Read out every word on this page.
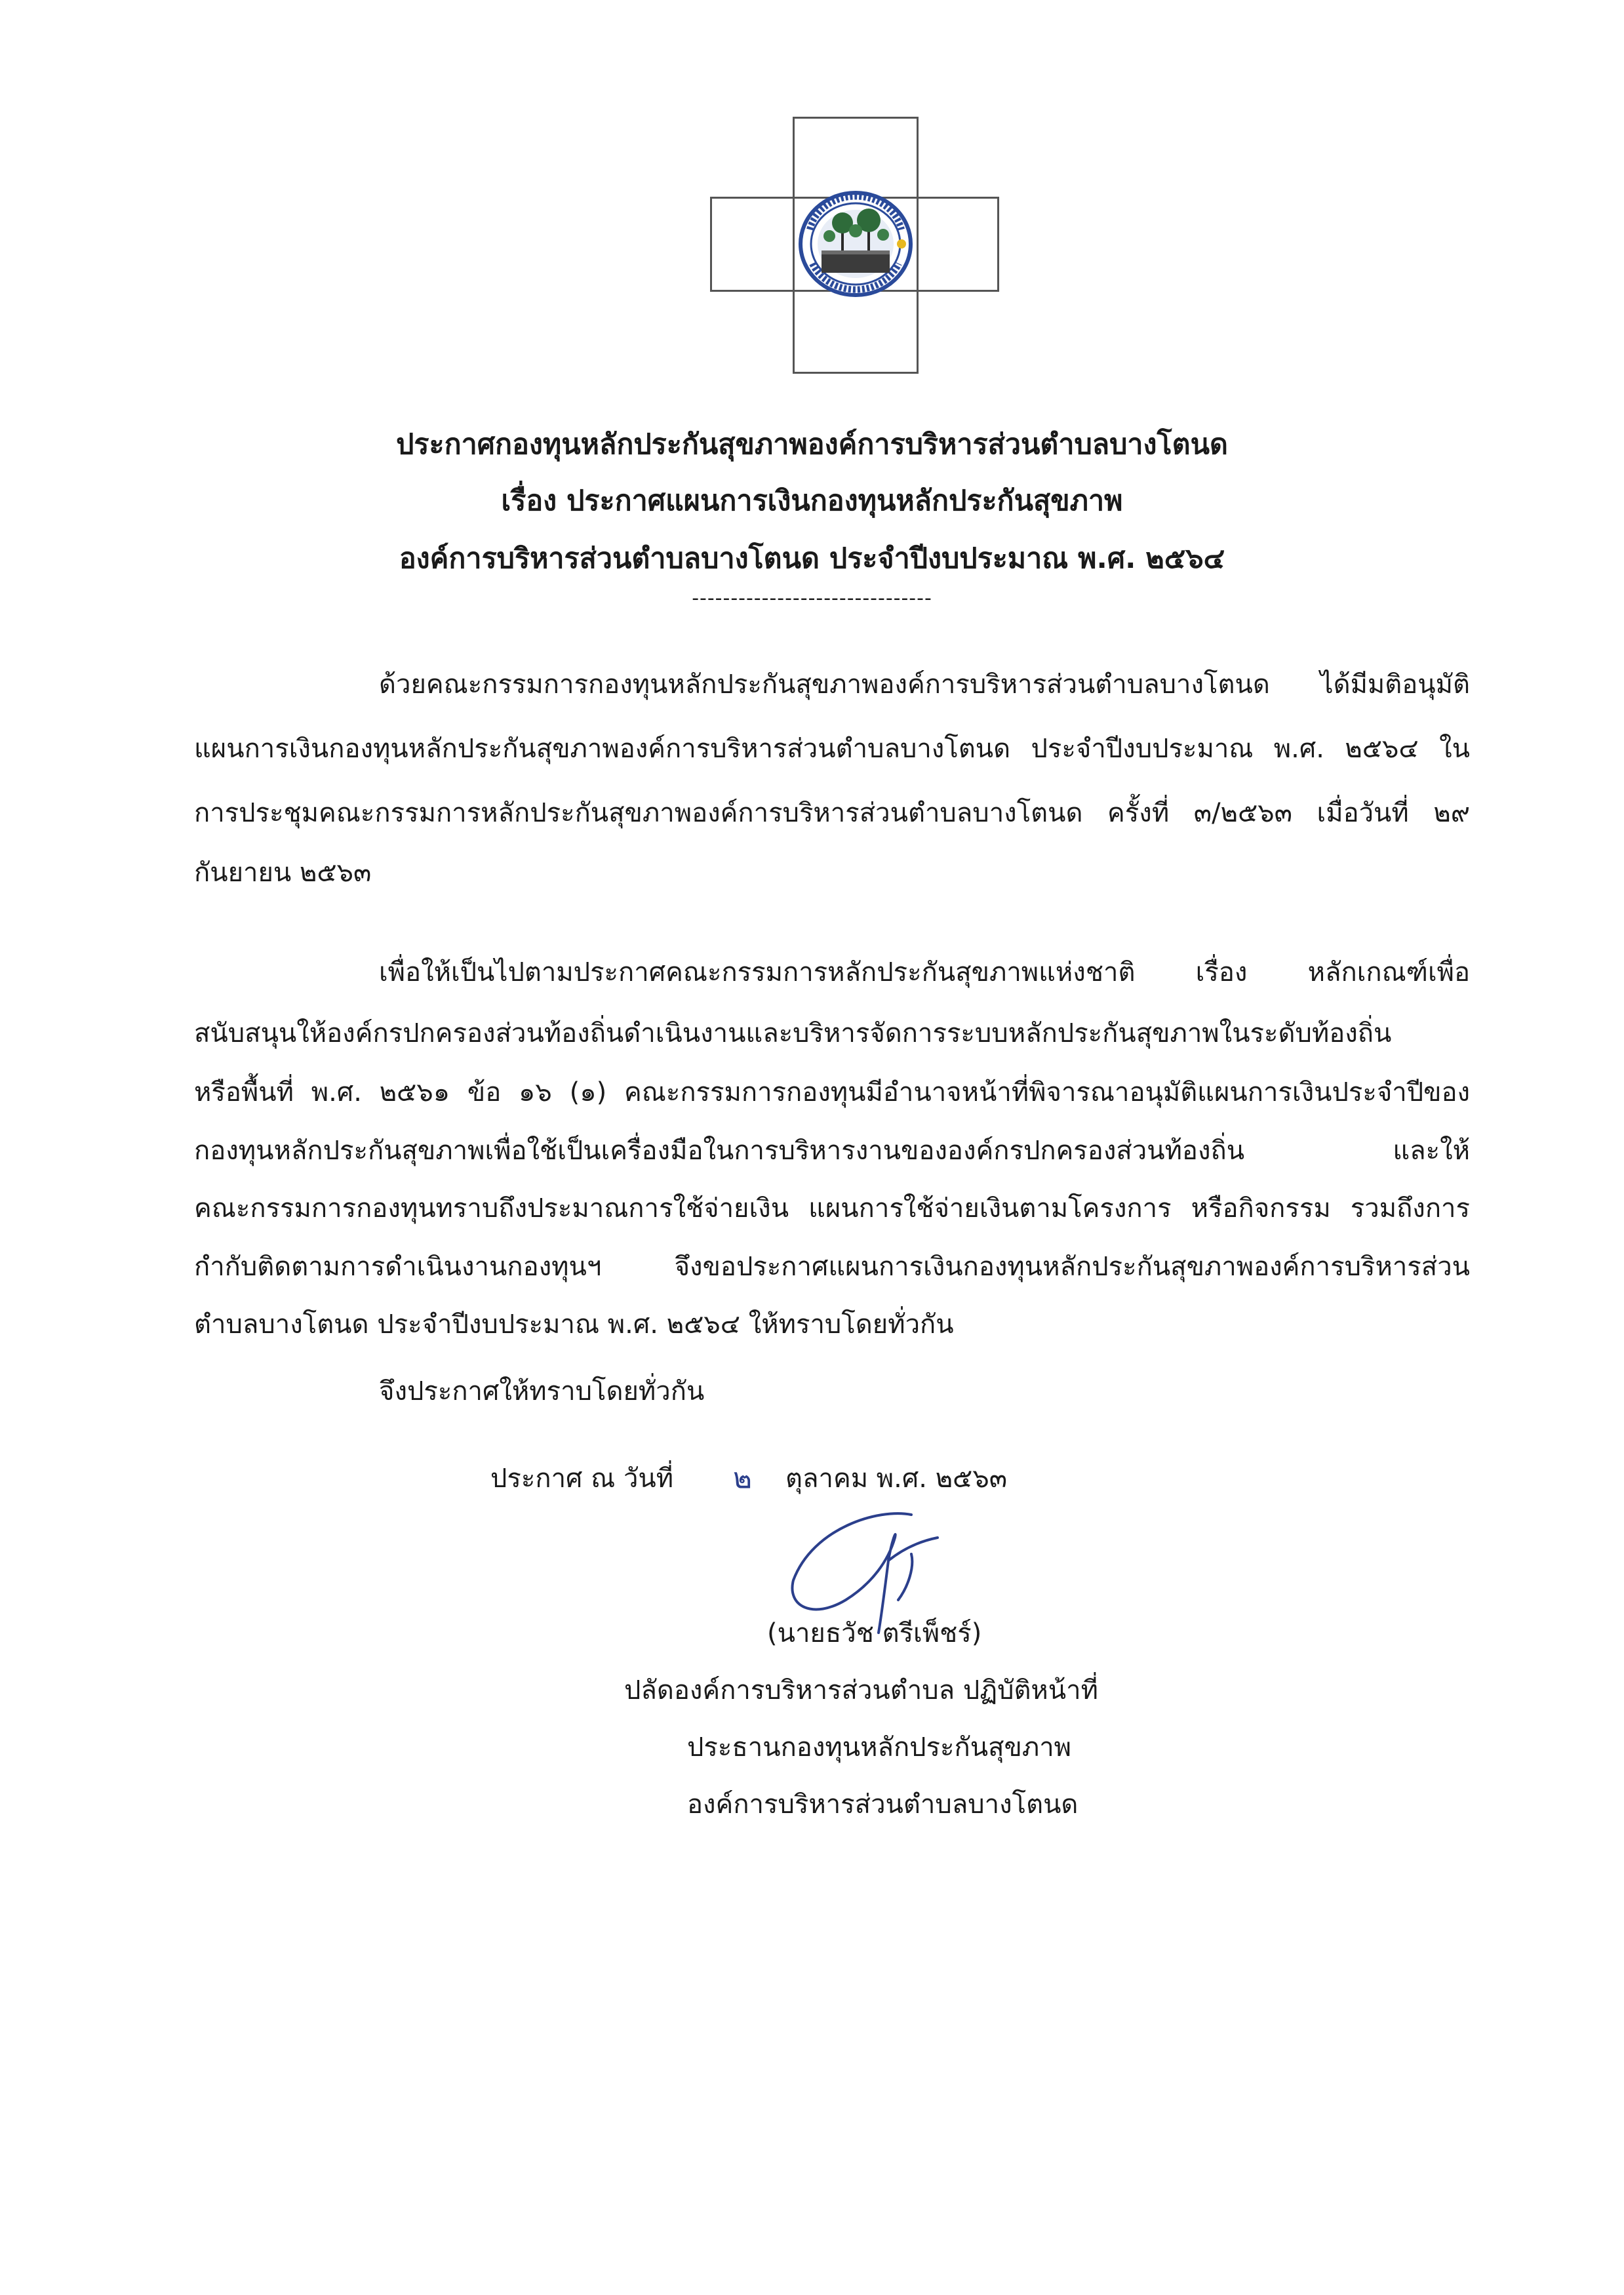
ประกาศกองทุนหลักประกันสุขภาพองค์การบริหารส่วนตำบลบางโตนด
เรื่อง ประกาศแผนการเงินกองทุนหลักประกันสุขภาพ
องค์การบริหารส่วนตำบลบางโตนด ประจำปีงบประมาณ พ.ศ. ๒๕๖๔
-------------------------------
ด้วยคณะกรรมการกองทุนหลักประกันสุขภาพองค์การบริหารส่วนตำบลบางโตนด ได้มีมติอนุมัติ
แผนการเงินกองทุนหลักประกันสุขภาพองค์การบริหารส่วนตำบลบางโตนด ประจำปีงบประมาณ พ.ศ. ๒๕๖๔ ใน
การประชุมคณะกรรมการหลักประกันสุขภาพองค์การบริหารส่วนตำบลบางโตนด ครั้งที่ ๓/๒๕๖๓ เมื่อวันที่ ๒๙
กันยายน ๒๕๖๓
เพื่อให้เป็นไปตามประกาศคณะกรรมการหลักประกันสุขภาพแห่งชาติ เรื่อง หลักเกณฑ์เพื่อ
สนับสนุนให้องค์กรปกครองส่วนท้องถิ่นดำเนินงานและบริหารจัดการระบบหลักประกันสุขภาพในระดับท้องถิ่น
หรือพื้นที่ พ.ศ. ๒๕๖๑ ข้อ ๑๖ (๑) คณะกรรมการกองทุนมีอำนาจหน้าที่พิจารณาอนุมัติแผนการเงินประจำปีของ
กองทุนหลักประกันสุขภาพเพื่อใช้เป็นเครื่องมือในการบริหารงานขององค์กรปกครองส่วนท้องถิ่น และให้
คณะกรรมการกองทุนทราบถึงประมาณการใช้จ่ายเงิน แผนการใช้จ่ายเงินตามโครงการ หรือกิจกรรม รวมถึงการ
กำกับติดตามการดำเนินงานกองทุนฯ จึงขอประกาศแผนการเงินกองทุนหลักประกันสุขภาพองค์การบริหารส่วน
ตำบลบางโตนด ประจำปีงบประมาณ พ.ศ. ๒๕๖๔ ให้ทราบโดยทั่วกัน
จึงประกาศให้ทราบโดยทั่วกัน
ประกาศ ณ วันที่ ๒ ตุลาคม พ.ศ. ๒๕๖๓
(นายธวัช ตรีเพ็ชร์)
ปลัดองค์การบริหารส่วนตำบล ปฏิบัติหน้าที่
ประธานกองทุนหลักประกันสุขภาพ
องค์การบริหารส่วนตำบลบางโตนด
